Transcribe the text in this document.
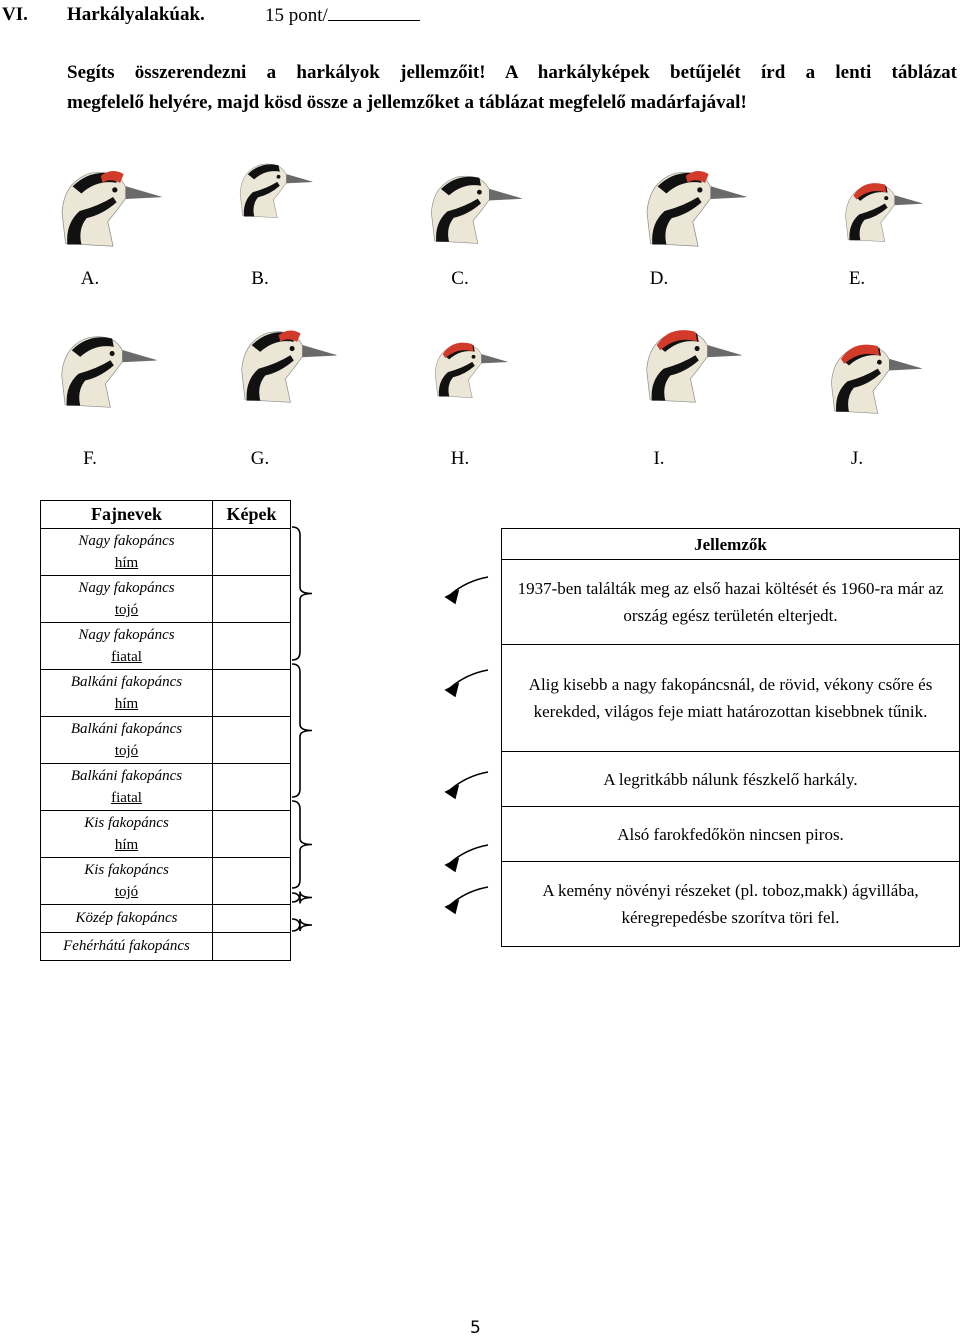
VI. Harkályalakúak.	15 pont/
Segíts összerendezni a harkályok jellemzőit! A harkályképek betűjelét írd a lenti táblázat
megfelelő helyére, majd kösd össze a jellemzőket a táblázat megfelelő madárfajával!
A.	B.	C.	D.	E.
F.	G.	H.	I.	J.
Fajnevek	Képek

Nagy fakopáncs
hím	

Nagy fakopáncs
tojó	

Nagy fakopáncs
fiatal	

Balkáni fakopáncs
hím	

Balkáni fakopáncs
tojó	

Balkáni fakopáncs
fiatal	

Kis fakopáncs
hím	

Kis fakopáncs
tojó	

Közép fakopáncs	

Fehérhátú fakopáncs	

Jellemzők
1937-ben találták meg az első hazai költését és 1960-ra már az ország egész területén elterjedt.
Alig kisebb a nagy fakopáncsnál, de rövid, vékony csőre és kerekded, világos feje miatt határozottan kisebbnek tűnik.
A legritkább nálunk fészkelő harkály.
Alsó farokfedőkön nincsen piros.
A kemény növényi részeket (pl. toboz,makk) ágvillába, kéregrepedésbe szorítva töri fel.
5
